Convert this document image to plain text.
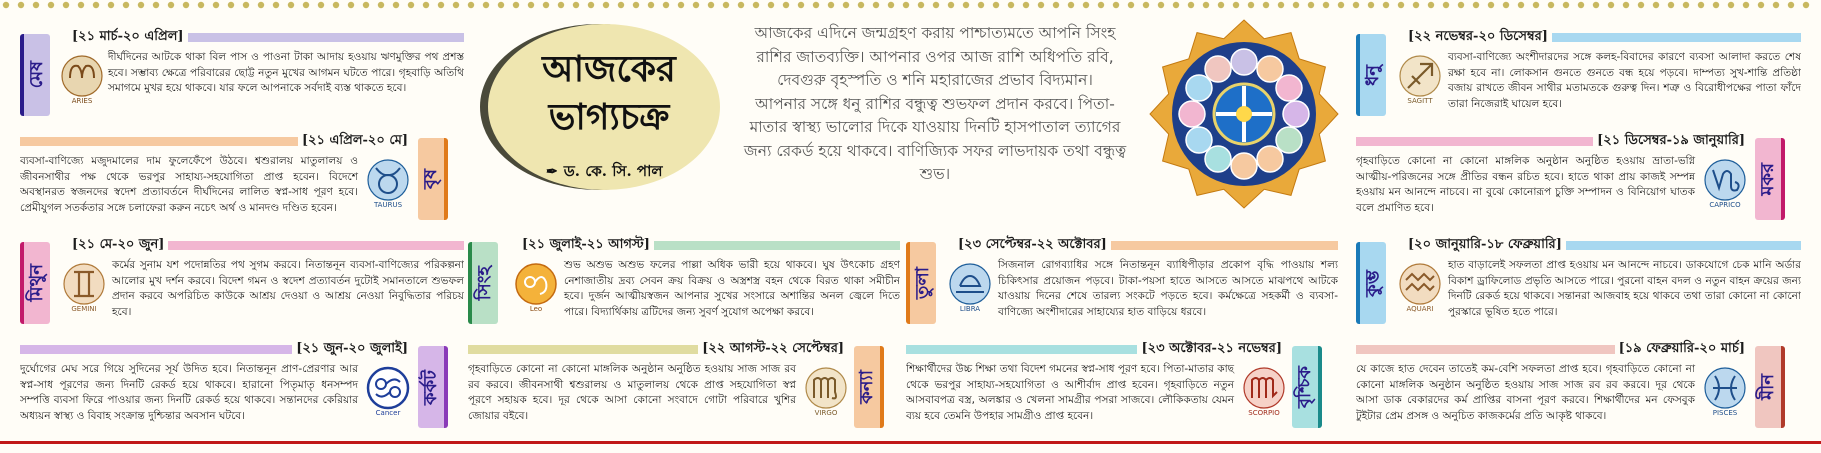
মেষ
[২১ মার্চ-২০ এপ্রিল]
ARIES
দীর্ঘদিনের আটকে থাকা বিল পাস ও পাওনা টাকা আদায় হওয়ায় ঋণমুক্তির পথ প্রশস্ত হবে। সম্ভাব্য ক্ষেত্রে পরিবারের ছোট্ট নতুন মুখের আগমন ঘটতে পারে। গৃহবাড়ি অতিথি সমাগমে মুখর হয়ে থাকবে। যার ফলে আপনাকে সর্বদাই ব্যস্ত থাকতে হবে।
বৃষ
[২১ এপ্রিল-২০ মে]
TAURUS
ব্যবসা-বাণিজ্যে মজুদমালের দাম ফুলেফেঁপে উঠবে। শ্বশুরালয় মাতুলালয় ও জীবনসাথীর পক্ষ থেকে ভরপুর সাহায্য-সহযোগিতা প্রাপ্ত হবেন। বিদেশে অবস্থানরত স্বজনদের স্বদেশ প্রত্যাবর্তনে দীর্ঘদিনের লালিত স্বপ্ন-সাধ পূরণ হবে। প্রেমীযুগল সতর্কতার সঙ্গে চলাফেরা করুন নচেৎ অর্থ ও মানদণ্ড দণ্ডিত হবেন।
মিথুন
[২১ মে-২০ জুন]
GEMINI
কর্মের সুনাম যশ পদোন্নতির পথ সুগম করবে। নিতান্তনূন ব্যবসা-বাণিজ্যের পরিকল্পনা আলোর মুখ দর্শন করবে। বিদেশ গমন ও স্বদেশ প্রত্যাবর্তন দুটোই সমানতালে শুভফল প্রদান করবে অপরিচিত কাউকে আশ্রয় দেওয়া ও আশ্রয় নেওয়া নিবুদ্ধিতার পরিচয় হবে।
কর্কট
[২১ জুন-২০ জুলাই]
Cancer
দুর্ঘোগের মেঘ সরে গিয়ে সুদিনের সূর্য উদিত হবে। নিতান্তনূন প্রাণ-প্রেরণার আর স্বপ্ন-সাধ পূরণের জন্য দিনটি রেকর্ড হয়ে থাকবে। হারানো পিতৃমাতৃ ধনসম্পদ সম্পত্তি ব্যবসা ফিরে পাওয়ার জন্য দিনটি রেকর্ড হয়ে থাকবে। সন্তানদের কেরিয়ার অধ্যয়ন স্বাস্থ্য ও বিবাহ সংক্রান্ত দুশ্চিন্তার অবসান ঘটবে।
আজকের
ভাগ্যচক্র
✒ ড. কে. সি. পাল
আজকের এদিনে জন্মগ্রহণ করায় পাশ্চাত্যমতে আপনি সিংহ রাশির জাতব্যক্তি। আপনার ওপর আজ রাশি অধিপতি রবি, দেবগুরু বৃহস্পতি ও শনি মহারাজের প্রভাব বিদ্যমান।
আপনার সঙ্গে ধনু রাশির বন্ধুত্ব শুভফল প্রদান করবে। পিতা-মাতার স্বাস্থ্য ভালোর দিকে যাওয়ায় দিনটি হাসপাতাল ত্যাগের জন্য রেকর্ড হয়ে থাকবে। বাণিজ্যিক সফর লাভদায়ক তথা বন্ধুত্ব শুভ।
সিংহ
[২১ জুলাই-২১ আগস্ট]
Leo
শুভ অশুভ অশুভ ফলের পাল্লা অধিক ভারী হয়ে থাকবে। ঘুষ উৎকোচ গ্রহণ নেশাজাতীয় দ্রব্য সেবন ক্রয় বিক্রয় ও অস্ত্রশস্ত্র বহন থেকে বিরত থাকা সমীচীন হবে। দুর্জন আত্মীয়স্বজন আপনার সুখের সংসারে অশান্তির অনল জ্বেলে দিতে পারে। বিদ্যার্থিকায় ত্রটিদের জন্য সুবর্ণ সুযোগ অপেক্ষা করবে।
কন্যা
[২২ আগস্ট-২২ সেপ্টেম্বর]
VIRGO
গৃহবাড়িতে কোনো না কোনো মাঙ্গলিক অনুষ্ঠান অনুষ্ঠিত হওয়ায় সাজ সাজ রব রব করবে। জীবনসাথী শ্বশুরালয় ও মাতুলালয় থেকে প্রাপ্ত সহযোগিতা স্বপ্ন পূরণে সহায়ক হবে। দূর থেকে আসা কোনো সংবাদে গোটা পরিবারে খুশির জোয়ার বইবে।
তুলা
[২৩ সেপ্টেম্বর-২২ অক্টোবর]
LIBRA
সিজনাল রোগব্যাধির সঙ্গে নিতান্তনূন ব্যাধিপীড়ার প্রকোপ বৃদ্ধি পাওয়ায় শল্য চিকিৎসার প্রয়োজন পড়বে। টাকা-পয়সা হাতে আসতে আসতে মাঝপথে আটকে যাওয়ায় দিনের শেষে তারল্য সংকটে পড়তে হবে। কর্মক্ষেত্রে সহকর্মী ও ব্যবসা-বাণিজ্যে অংশীদারের সাহায্যের হাত বাড়িয়ে ধরবে।
বৃশ্চিক
[২৩ অক্টোবর-২১ নভেম্বর]
SCORPIO
শিক্ষার্থীদের উচ্চ শিক্ষা তথা বিদেশ গমনের স্বপ্ন-সাধ পূরণ হবে। পিতা-মাতার কাছ থেকে ভরপুর সাহায্য-সহযোগিতা ও আশীর্বাদ প্রাপ্ত হবেন। গৃহবাড়িতে নতুন আসবাবপত্র বস্ত্র, অলঙ্কার ও খেলনা সামগ্রীর পসরা সাজবে। লৌকিকতায় যেমন ব্যয় হবে তেমনি উপহার সামগ্রীও প্রাপ্ত হবেন।
ধনু
[২২ নভেম্বর-২০ ডিসেম্বর]
SAGITT
ব্যবসা-বাণিজ্যে অংশীদারদের সঙ্গে কলহ-বিবাদের কারণে ব্যবসা আলাদা করতে শেষ রক্ষা হবে না। লোকসান গুনতে গুনতে বন্ধ হয়ে পড়বে। দাম্পত্য সুখ-শান্তি প্রতিষ্ঠা বজায় রাখতে জীবন সাথীর মতামতকে গুরুত্ব দিন। শত্রু ও বিরোধীপক্ষের পাতা ফাঁদে তারা নিজেরাই ঘায়েল হবে।
মকর
[২১ ডিসেম্বর-১৯ জানুয়ারি]
CAPRICO
গৃহবাড়িতে কোনো না কোনো মাঙ্গলিক অনুষ্ঠান অনুষ্ঠিত হওয়ায় ভ্রাতা-ভগ্নি আত্মীয়-পরিজনের সঙ্গে প্রীতির বন্ধন রচিত হবে। হাতে থাকা প্রায় কাজই সম্পন্ন হওয়ায় মন আনন্দে নাচবে। না বুঝে কোনোরূপ চুক্তি সম্পাদন ও বিনিয়োগ ঘাতক বলে প্রমাণিত হবে।
কুম্ভ
[২০ জানুয়ারি-১৮ ফেব্রুয়ারি]
AQUARI
হাত বাড়ালেই সফলতা প্রাপ্ত হওয়ায় মন আনন্দে নাচবে। ডাকযোগে চেক মানি অর্ডার বিকাশ ড্রাফিলোড প্রভৃতি আসতে পারে। পুরনো বাহন বদল ও নতুন বাহন ক্রয়ের জন্য দিনটি রেকর্ড হয়ে থাকবে। সন্তানরা আজবাহ হয়ে থাকবে তথা তারা কোনো না কোনো পুরস্কারে ভূষিত হতে পারে।
মীন
[১৯ ফেব্রুয়ারি-২০ মার্চ]
PISCES
যে কাজে হাত দেবেন তাতেই কম-বেশি সফলতা প্রাপ্ত হবে। গৃহবাড়িতে কোনো না কোনো মাঙ্গলিক অনুষ্ঠান অনুষ্ঠিত হওয়ায় সাজ সাজ রব রব করবে। দূর থেকে আসা ডাক বেকারদের কর্ম প্রাপ্তির বাসনা পূরণ করবে। শিক্ষার্থীদের মন ফেসবুক টুইটার প্রেম প্রসঙ্গ ও অনুচিত কাজকর্মের প্রতি আকৃষ্ট থাকবে।
